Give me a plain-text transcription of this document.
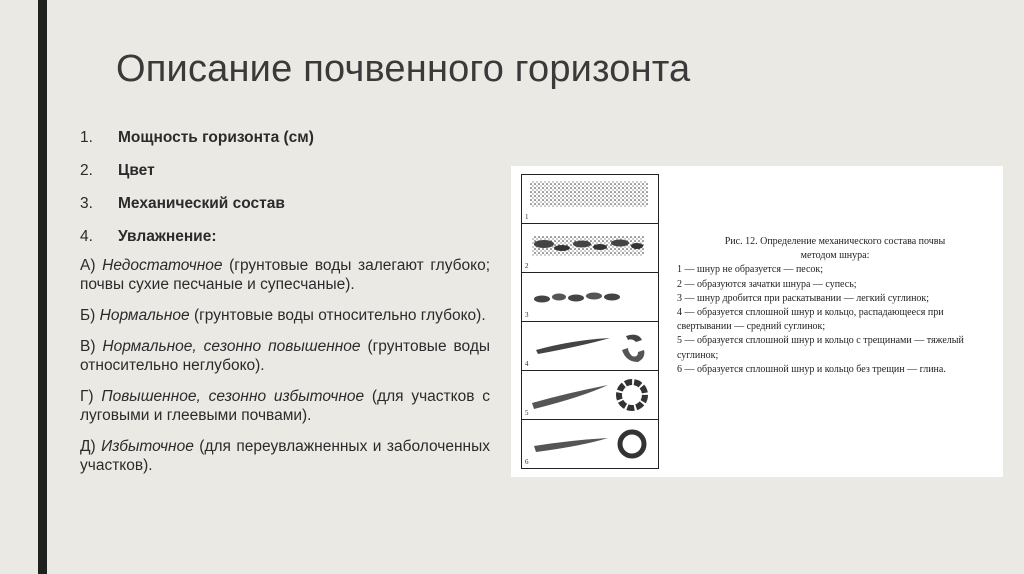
Описание почвенного горизонта
1.	Мощность горизонта (см)
2.	Цвет
3.	Механический состав
4.	Увлажнение:
А) Недостаточное (грунтовые воды залегают глубоко; почвы сухие песчаные и супесчаные).
Б) Нормальное (грунтовые воды относительно глубоко).
В) Нормальное, сезонно повышенное (грунтовые воды относительно неглубоко).
Г) Повышенное, сезонно избыточное (для участков с луговыми и глеевыми почвами).
Д) Избыточное (для переувлажненных и заболоченных участков).
1
2
3
4
5
6
Рис. 12. Определение механического состава почвы
методом шнура:
1 — шнур не образуется — песок;
2 — образуются зачатки шнура — супесь;
3 — шнур дробится при раскатывании — легкий суглинок;
4 — образуется сплошной шнур и кольцо, распадающееся при свертывании — средний суглинок;
5 — образуется сплошной шнур и кольцо с трещинами — тяжелый суглинок;
6 — образуется сплошной шнур и кольцо без трещин — глина.
